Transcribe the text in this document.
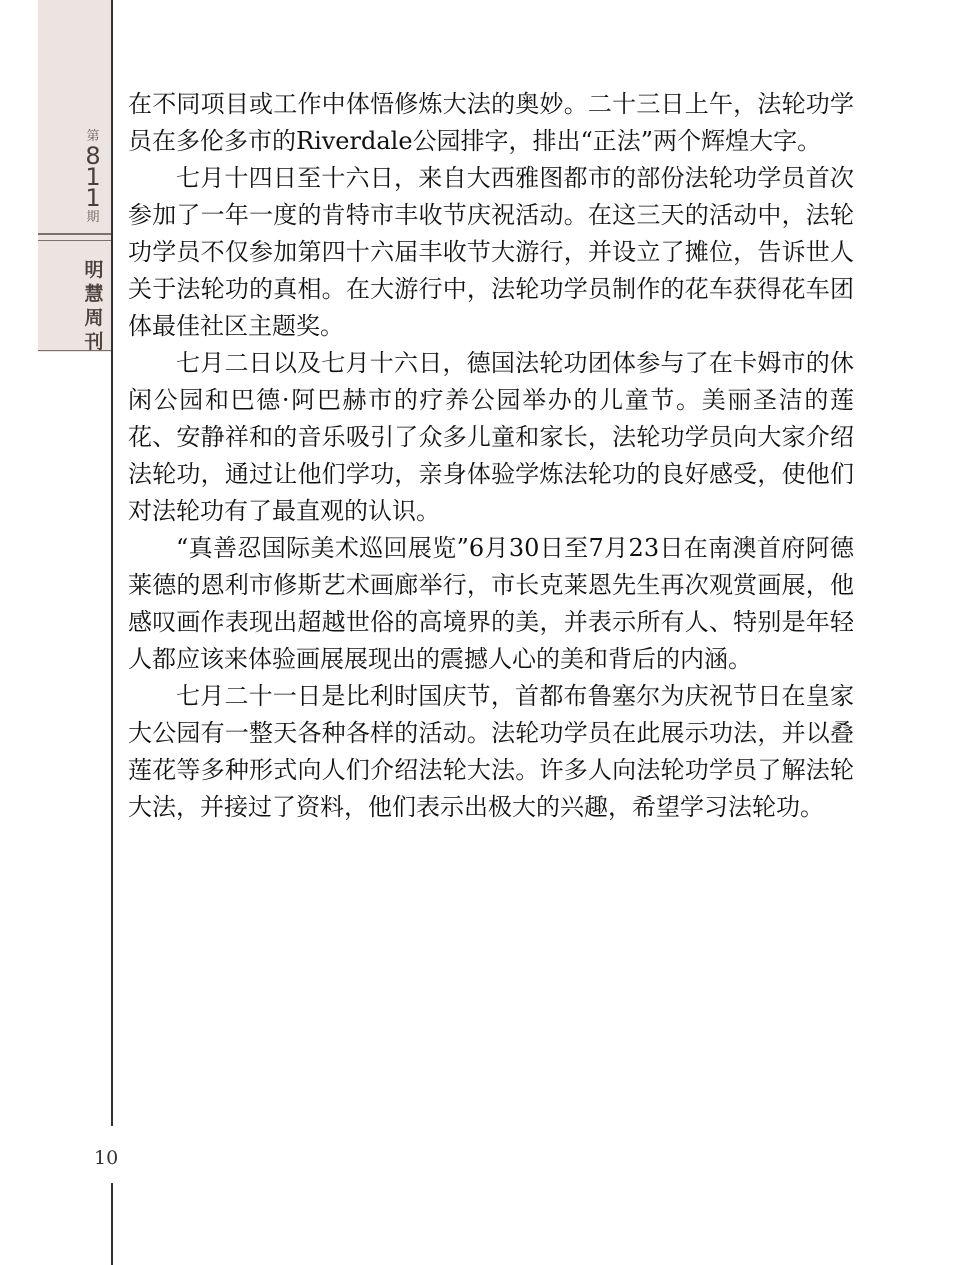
第
811
期
明慧周刊
10

在不同项目或工作中体悟修炼大法的奥妙。二十三日上午，法轮功学员在多伦多市的Riverdale公园排字，排出“正法”两个辉煌大字。

七月十四日至十六日，来自大西雅图都市的部份法轮功学员首次参加了一年一度的肯特市丰收节庆祝活动。在这三天的活动中，法轮功学员不仅参加第四十六届丰收节大游行，并设立了摊位，告诉世人关于法轮功的真相。在大游行中，法轮功学员制作的花车获得花车团体最佳社区主题奖。

七月二日以及七月十六日，德国法轮功团体参与了在卡姆市的休闲公园和巴德·阿巴赫市的疗养公园举办的儿童节。美丽圣洁的莲花、安静祥和的音乐吸引了众多儿童和家长，法轮功学员向大家介绍法轮功，通过让他们学功，亲身体验学炼法轮功的良好感受，使他们对法轮功有了最直观的认识。

“真善忍国际美术巡回展览”6月30日至7月23日在南澳首府阿德莱德的恩利市修斯艺术画廊举行，市长克莱恩先生再次观赏画展，他感叹画作表现出超越世俗的高境界的美，并表示所有人、特别是年轻人都应该来体验画展展现出的震撼人心的美和背后的内涵。

七月二十一日是比利时国庆节，首都布鲁塞尔为庆祝节日在皇家大公园有一整天各种各样的活动。法轮功学员在此展示功法，并以叠莲花等多种形式向人们介绍法轮大法。许多人向法轮功学员了解法轮大法，并接过了资料，他们表示出极大的兴趣，希望学习法轮功。
